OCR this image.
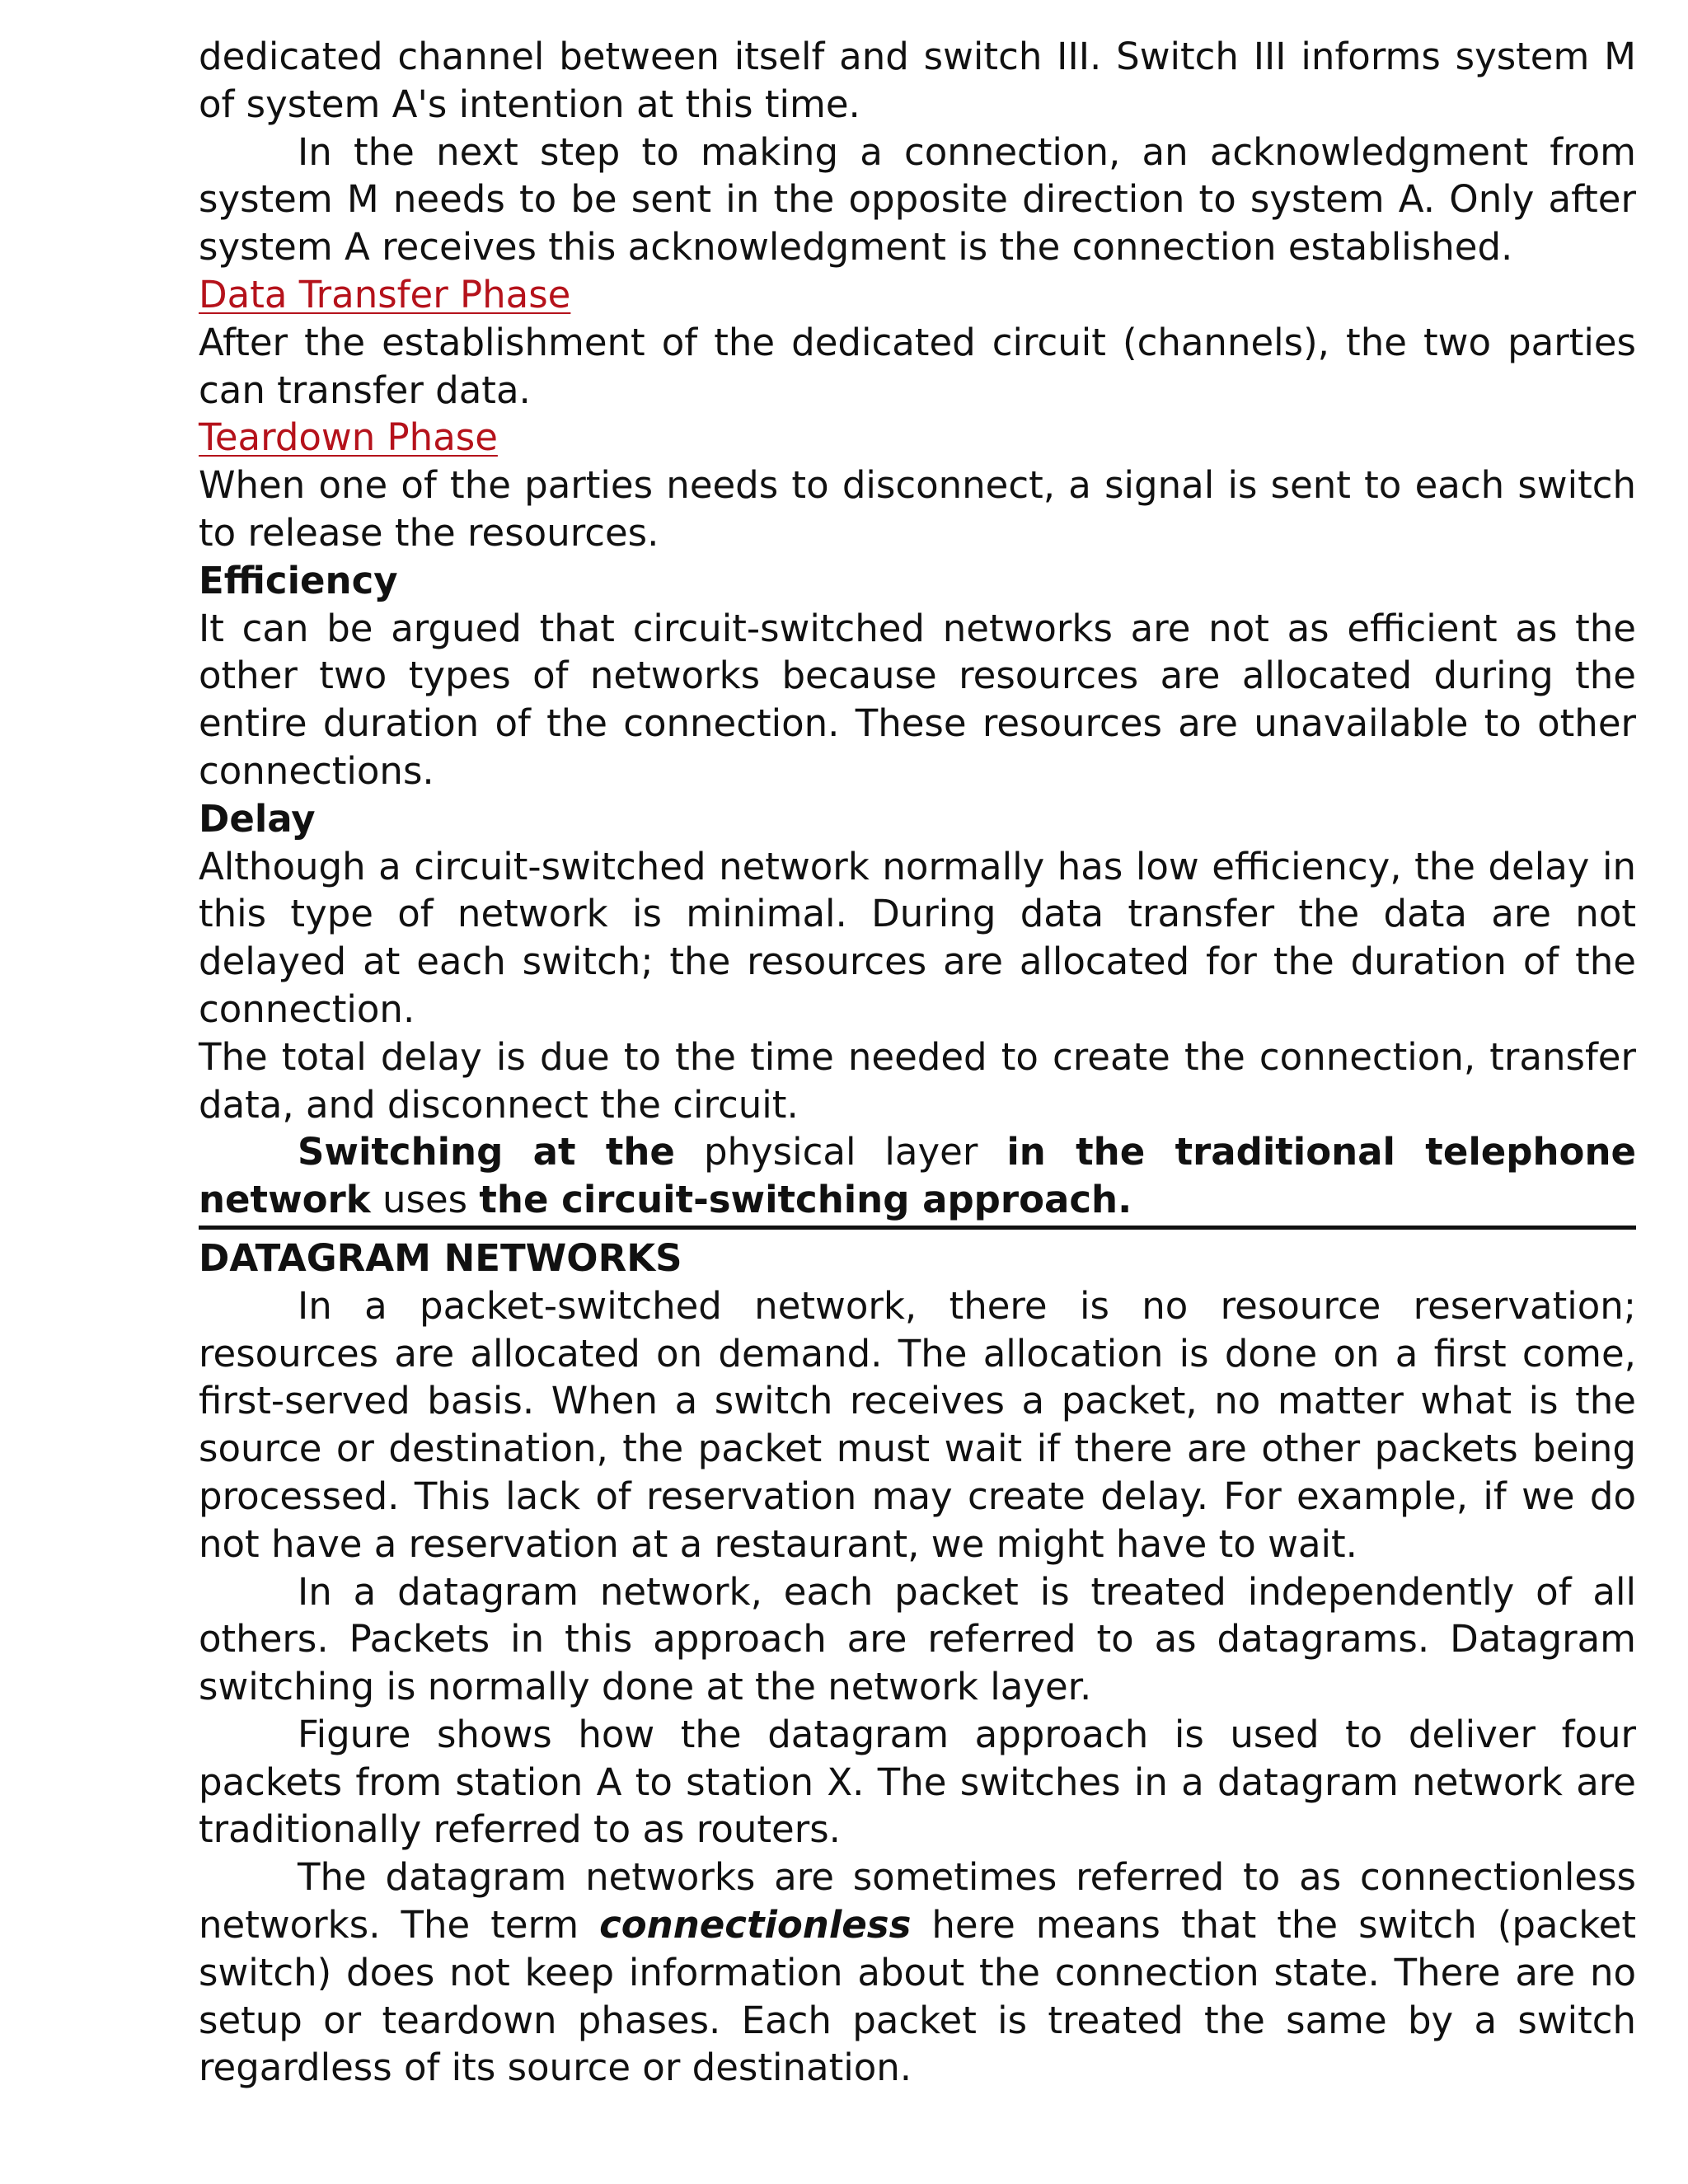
dedicated channel between itself and switch III. Switch III informs system M of system A's intention at this time.

In the next step to making a connection, an acknowledgment from system M needs to be sent in the opposite direction to system A. Only after system A receives this acknowledgment is the connection established.

Data Transfer Phase

After the establishment of the dedicated circuit (channels), the two parties can transfer data.

Teardown Phase

When one of the parties needs to disconnect, a signal is sent to each switch to release the resources.

Efficiency

It can be argued that circuit-switched networks are not as efficient as the other two types of networks because resources are allocated during the entire duration of the connection. These resources are unavailable to other connections.

Delay

Although a circuit-switched network normally has low efficiency, the delay in this type of network is minimal. During data transfer the data are not delayed at each switch; the resources are allocated for the duration of the connection.

The total delay is due to the time needed to create the connection, transfer data, and disconnect the circuit.

Switching at the physical layer in the traditional telephone network uses the circuit-switching approach.

DATAGRAM NETWORKS

In a packet-switched network, there is no resource reservation; resources are allocated on demand. The allocation is done on a first come, first-served basis. When a switch receives a packet, no matter what is the source or destination, the packet must wait if there are other packets being processed. This lack of reservation may create delay. For example, if we do not have a reservation at a restaurant, we might have to wait.

In a datagram network, each packet is treated independently of all others. Packets in this approach are referred to as datagrams. Datagram switching is normally done at the network layer.

Figure shows how the datagram approach is used to deliver four packets from station A to station X. The switches in a datagram network are traditionally referred to as routers.

The datagram networks are sometimes referred to as connectionless networks. The term connectionless here means that the switch (packet switch) does not keep information about the connection state. There are no setup or teardown phases. Each packet is treated the same by a switch regardless of its source or destination.
